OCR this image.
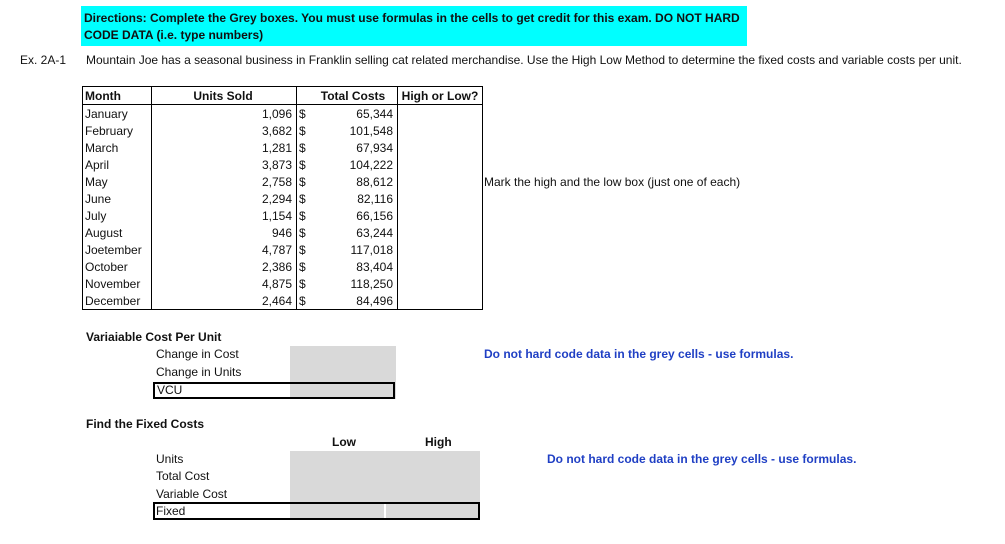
Directions: Complete the Grey boxes. You must use formulas in the cells to get credit for this exam. DO NOT HARD CODE DATA (i.e. type numbers)
Ex. 2A-1 Mountain Joe has a seasonal business in Franklin selling cat related merchandise. Use the High Low Method to determine the fixed costs and variable costs per unit.
Month	Units Sold		Total Costs	High or Low?
January	1,096	$	65,344	
February	3,682	$	101,548	
March	1,281	$	67,934	
April	3,873	$	104,222	
May	2,758	$	88,612	
June	2,294	$	82,116	
July	1,154	$	66,156	
August	946	$	63,244	
Joetember	4,787	$	117,018	
October	2,386	$	83,404	
November	4,875	$	118,250	
December	2,464	$	84,496	
Mark the high and the low box (just one of each)
Variaiable Cost Per Unit
Change in Cost
Change in Units
VCU
Do not hard code data in the grey cells - use formulas.
Find the Fixed Costs
Low	High
Units
Total Cost
Variable Cost
Fixed
Do not hard code data in the grey cells - use formulas.
